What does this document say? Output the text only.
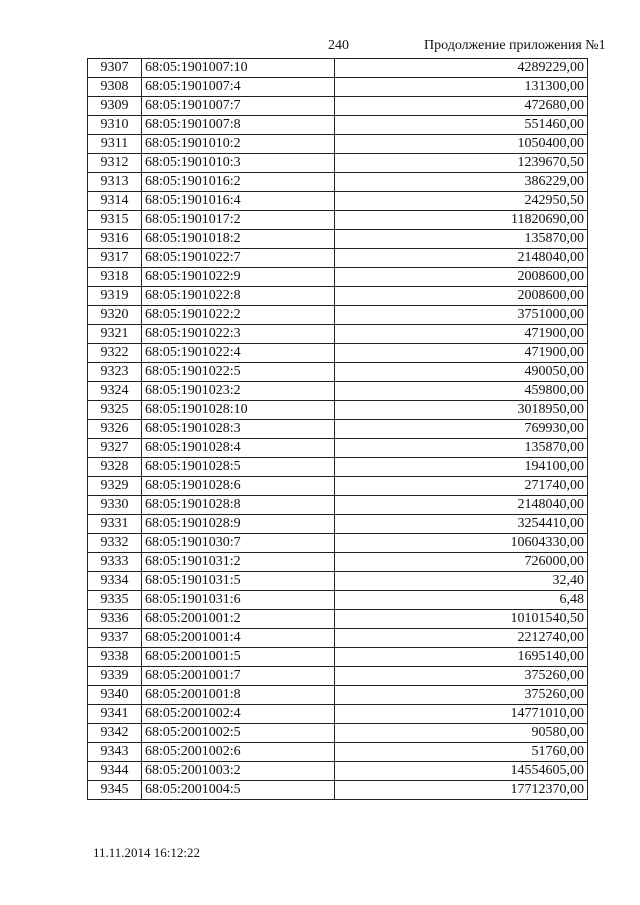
240	Продолжение приложения №1
9307	68:05:1901007:10	4289229,00
9308	68:05:1901007:4	131300,00
9309	68:05:1901007:7	472680,00
9310	68:05:1901007:8	551460,00
9311	68:05:1901010:2	1050400,00
9312	68:05:1901010:3	1239670,50
9313	68:05:1901016:2	386229,00
9314	68:05:1901016:4	242950,50
9315	68:05:1901017:2	11820690,00
9316	68:05:1901018:2	135870,00
9317	68:05:1901022:7	2148040,00
9318	68:05:1901022:9	2008600,00
9319	68:05:1901022:8	2008600,00
9320	68:05:1901022:2	3751000,00
9321	68:05:1901022:3	471900,00
9322	68:05:1901022:4	471900,00
9323	68:05:1901022:5	490050,00
9324	68:05:1901023:2	459800,00
9325	68:05:1901028:10	3018950,00
9326	68:05:1901028:3	769930,00
9327	68:05:1901028:4	135870,00
9328	68:05:1901028:5	194100,00
9329	68:05:1901028:6	271740,00
9330	68:05:1901028:8	2148040,00
9331	68:05:1901028:9	3254410,00
9332	68:05:1901030:7	10604330,00
9333	68:05:1901031:2	726000,00
9334	68:05:1901031:5	32,40
9335	68:05:1901031:6	6,48
9336	68:05:2001001:2	10101540,50
9337	68:05:2001001:4	2212740,00
9338	68:05:2001001:5	1695140,00
9339	68:05:2001001:7	375260,00
9340	68:05:2001001:8	375260,00
9341	68:05:2001002:4	14771010,00
9342	68:05:2001002:5	90580,00
9343	68:05:2001002:6	51760,00
9344	68:05:2001003:2	14554605,00
9345	68:05:2001004:5	17712370,00
11.11.2014 16:12:22
